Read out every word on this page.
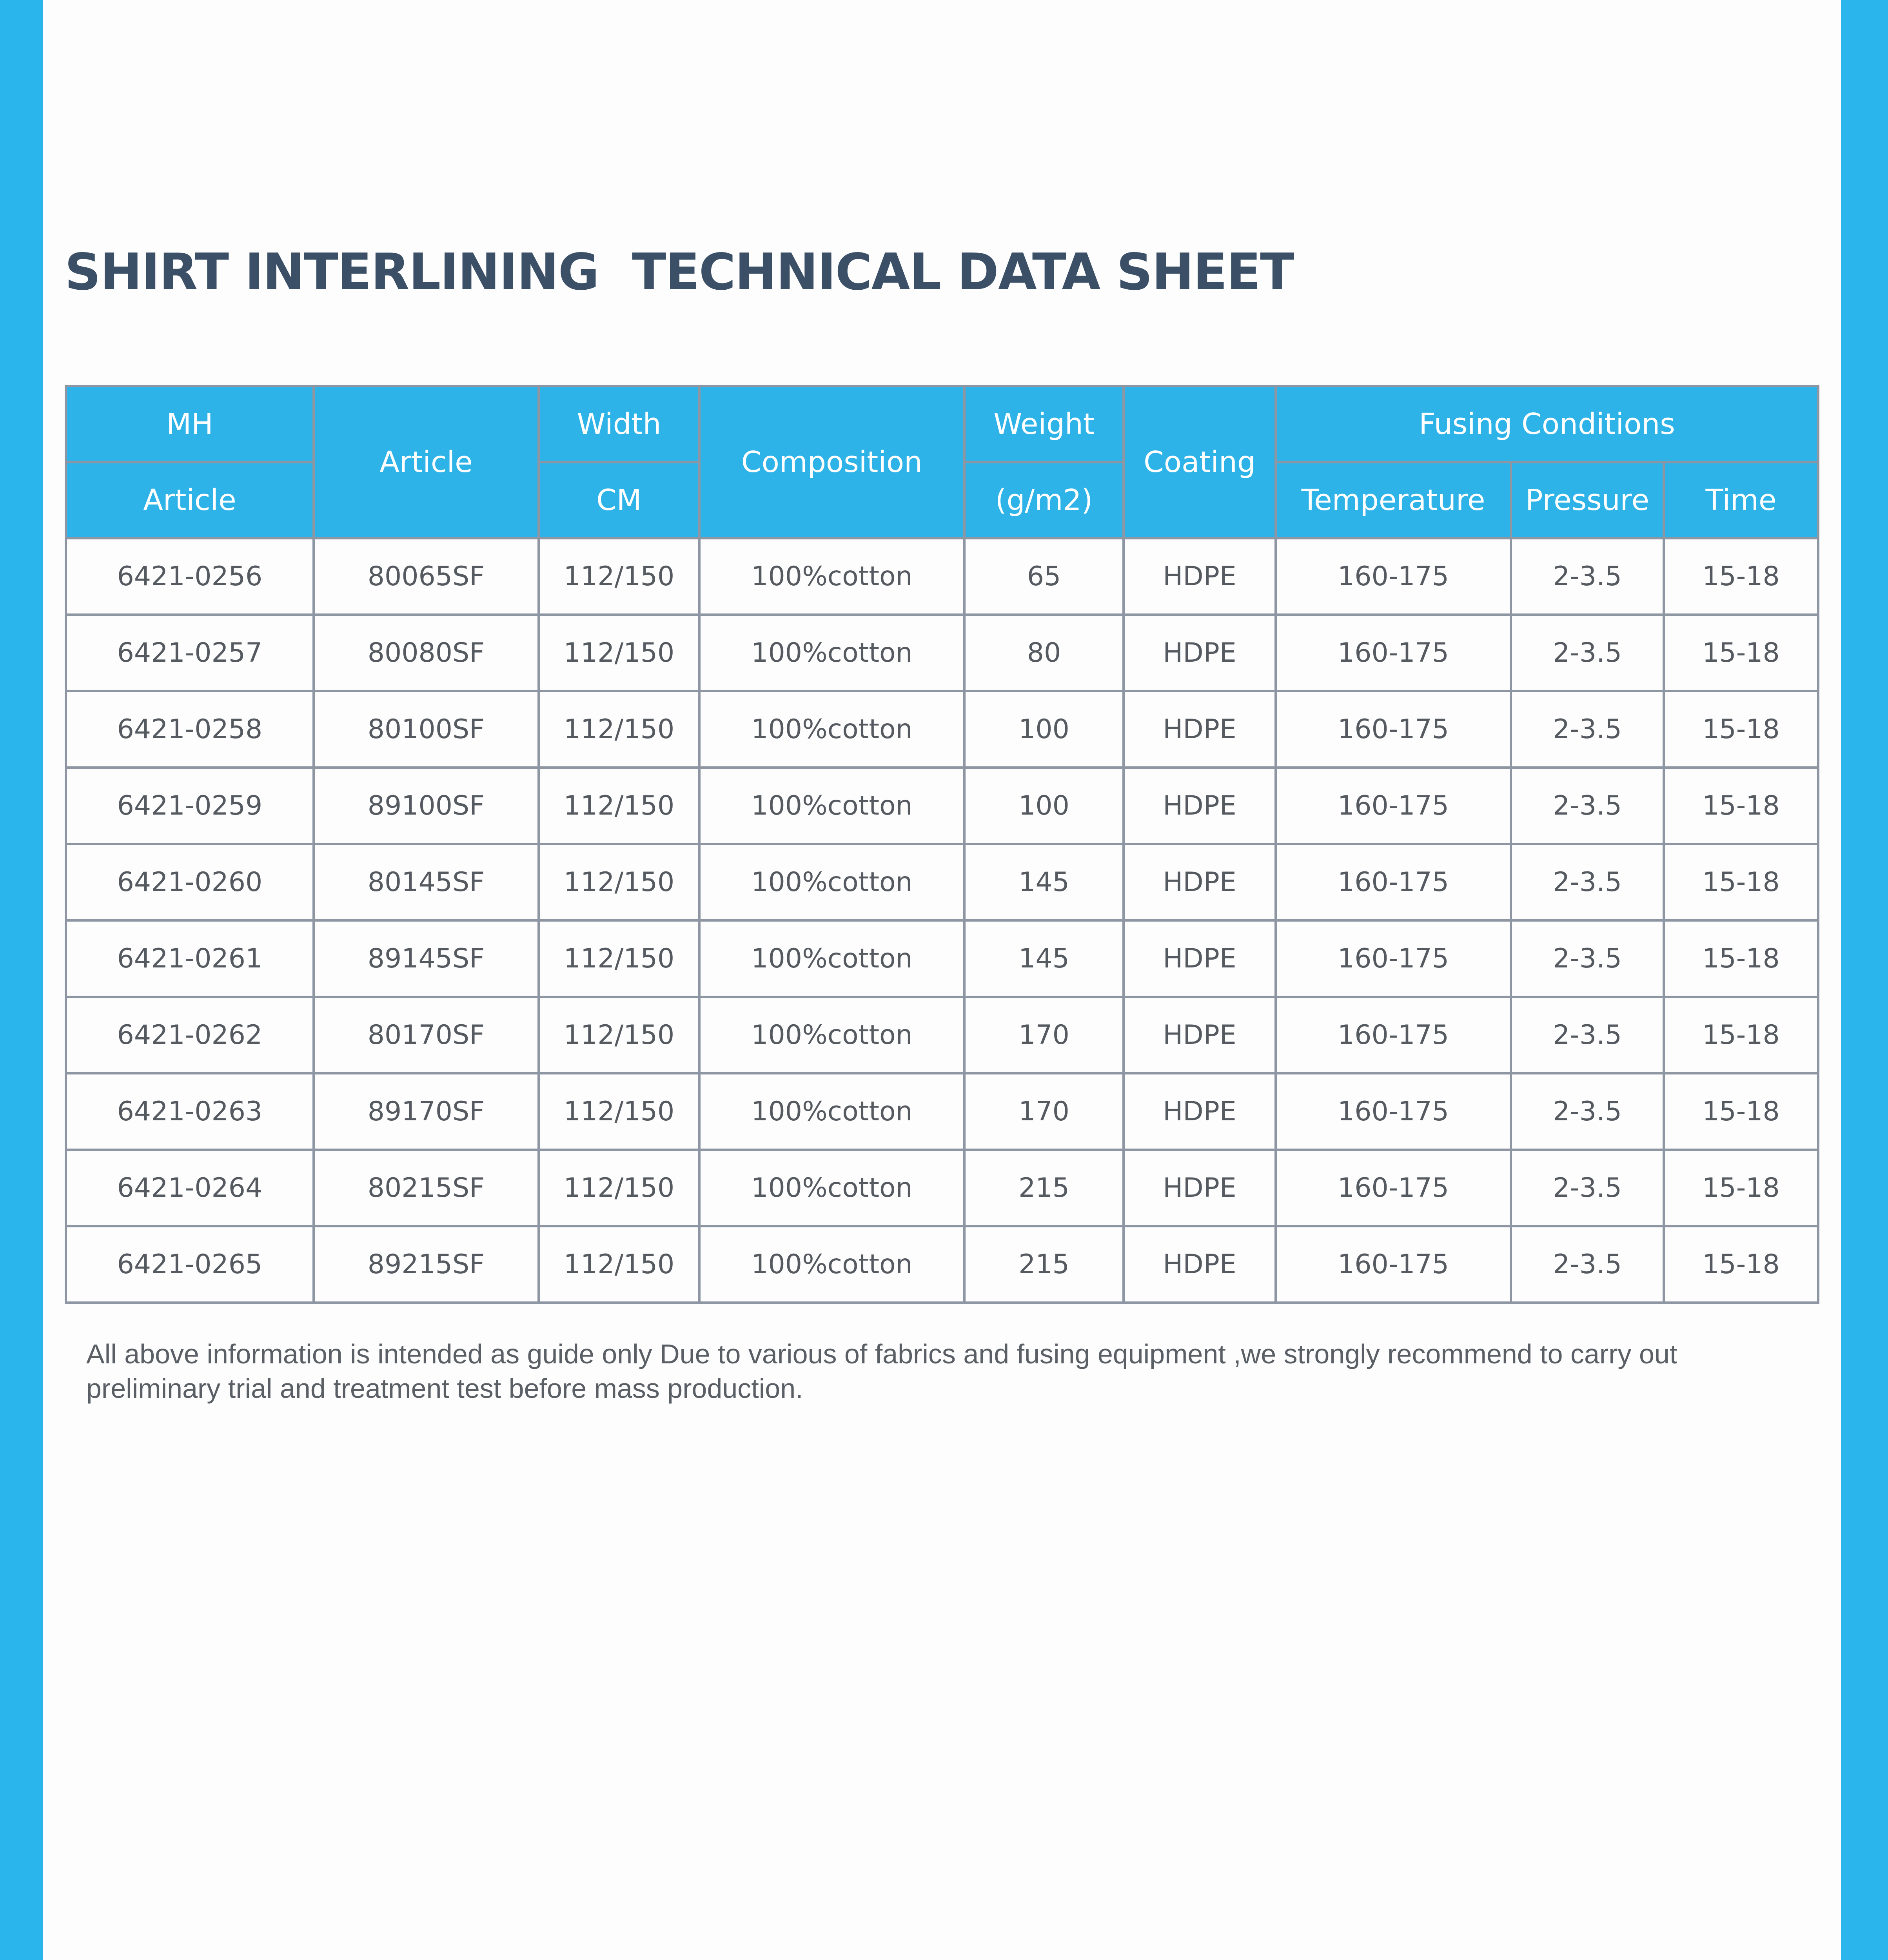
SHIRT INTERLINING  TECHNICAL DATA SHEET
MH	Article	Width	Composition	Weight	Coating	Fusing Conditions		
Article		CM		(g/m2)		Temperature	Pressure	Time
6421-0256	80065SF	112/150	100%cotton	65	HDPE	160-175	2-3.5	15-18
6421-0257	80080SF	112/150	100%cotton	80	HDPE	160-175	2-3.5	15-18
6421-0258	80100SF	112/150	100%cotton	100	HDPE	160-175	2-3.5	15-18
6421-0259	89100SF	112/150	100%cotton	100	HDPE	160-175	2-3.5	15-18
6421-0260	80145SF	112/150	100%cotton	145	HDPE	160-175	2-3.5	15-18
6421-0261	89145SF	112/150	100%cotton	145	HDPE	160-175	2-3.5	15-18
6421-0262	80170SF	112/150	100%cotton	170	HDPE	160-175	2-3.5	15-18
6421-0263	89170SF	112/150	100%cotton	170	HDPE	160-175	2-3.5	15-18
6421-0264	80215SF	112/150	100%cotton	215	HDPE	160-175	2-3.5	15-18
6421-0265	89215SF	112/150	100%cotton	215	HDPE	160-175	2-3.5	15-18

All above information is intended as guide only Due to various of fabrics and fusing equipment ,we strongly recommend to carry out preliminary trial and treatment test before mass production.
